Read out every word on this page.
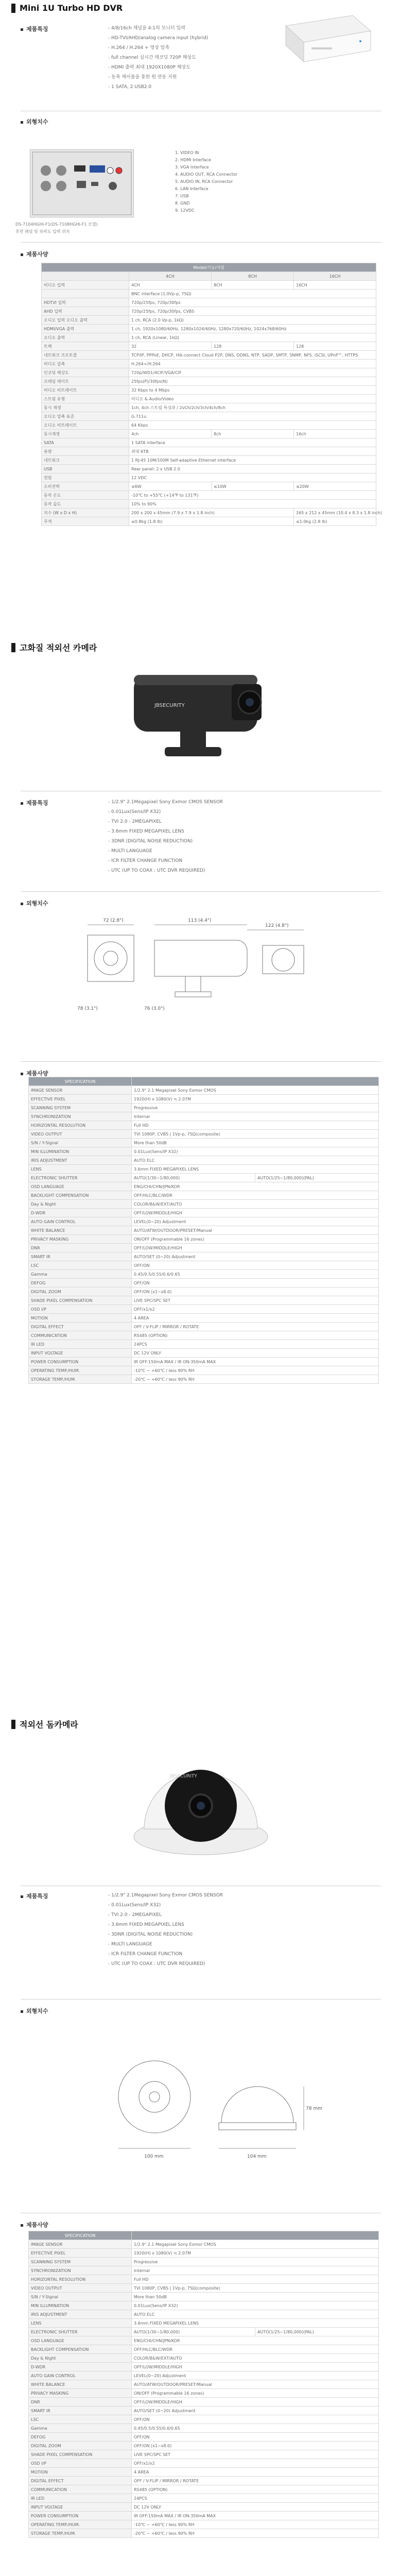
Mini 1U Turbo HD DVR
제품특징	- 4/8/16ch 채널을 4:1의 모니터 입력
- HD-TVI/AHD/analog camera input (hybrid)
- H.264 / H.264 + 영상 압축
- full channel 실시간 레코딩 720P 해상도
- HDMI 출력 최대 1920X1080P 해상도
- 동축 케이블을 통한 원 연동 지원
- 1 SATA, 2 USB2.0
외형치수
DS-7104HGHI-F1(DS-7108HGHI-F1 모델)
후면 패널 및 외곽도 입력 위치
1. VIDEO IN
2. HDMI Interface
3. VGA Interface
4. AUDIO OUT, RCA Connector
5. AUDIO IN, RCA Connector
6. LAN Interface
7. USB
8. GND
9. 12VDC
제품사양
Model/기능/사양			
	4CH	8CH	16CH
비디오 입력	4CH	8CH	16CH
	BNC interface (1.0Vp-p, 75Ω)		
HDTVI 입력	720p/25fps, 720p/30fps		
AHD 입력	720p/25fps, 720p/30fps, CVBS		
오디오 입력 오디오 출력	1 ch, RCA (2.0 Vp-p, 1kΩ)		
HDMI/VGA 출력	1 ch, 1920x1080/60Hz, 1280x1024/60Hz, 1280x720/60Hz, 1024x768/60Hz		
오디오 출력	1 ch, RCA (Linear, 1kΩ)		
트랙	32	128	128
네트워크 프로토콜	TCP/IP, PPPoE, DHCP, Hik-connect Cloud P2P, DNS, DDNS, NTP, SADP, SMTP, SNMP, NFS, iSCSI, UPnP™, HTTPS		
비디오 압축	H.264+/H.264		
인코딩 해상도	720p/WD1/4CIF/VGA/CIF		
프레임 레이트	25fps(P)/30fps(N)		
비디오 비트레이트	32 Kbps to 4 Mbps		
스트림 유형	비디오 & Audio/Video		
동시 재생	1ch, 4ch 스트림 특성과 / 2vCh/2ch/3ch/4ch/8ch		
오디오 압축 표준	G.711u		
오디오 비트레이트	64 Kbps		
동시재생	4ch	8ch	16ch
SATA	1 SATA interface		
용량	최대 6TB		
네트워크	1 RJ-45 10M/100M Self-adaptive Ethernet interface		
USB	Rear panel: 2 x USB 2.0		
전원	12 VDC		
소비전력	≤6W	≤10W	≤20W
동작 온도	-10℃ to +55℃ (+14℉ to 131℉)		
동작 습도	10% to 90%		
치수 (W x D x H)	200 x 200 x 45mm (7.9 x 7.9 x 1.8 inch)		265 x 212 x 45mm (10.4 x 8.3 x 1.8 inch)
무게	≤0.8kg (1.8 lb)		≤1.0kg (2.8 lb)
고화질 적외선 카메라
JBSECURITY
제품특징	- 1/2.9" 2.1Megapixel Sony Exmor CMOS SENSOR
- 0.01Lux(Sens/IP X32)
- TVI 2.0 - 2MEGAPIXEL
- 3.6mm FIXED MEGAPIXEL LENS
- 3DNR (DIGITAL NOISE REDUCTION)
- MULTI LANGUAGE
- ICR FILTER CHANGE FUNCTION
- UTC (UP TO COAX : UTC DVR REQUIRED)
외형치수
72 (2.8")	113 (4.4")
122 (4.8")
78 (3.1")	76 (3.0")
제품사양
SPECIFICATION		
IMAGE SENSOR	1/2.9" 2.1 Megapixel Sony Exmor CMOS	
EFFECTIVE PIXEL	1920(H) x 1080(V) ≒ 2.07M	
SCANNING SYSTEM	Progressive	
SYNCHRONIZATION	Internal	
HORIZONTAL RESOLUTION	Full HD	
VIDEO OUTPUT	TVI 1080P, CVBS | 1Vp-p, 75Ω(composite)	
S/N / Y-Signal	More than 50dB	
MIN ILLUMINATION	0.01Lux(Sens/IP X32)	
IRIS ADJUSTMENT	AUTO ELC	
LENS	3.6mm FIXED MEGAPIXEL LENS	
ELECTRONIC SHUTTER	AUTO(1/30~1/80,000)	AUTO(1/25~1/80,000)(PAL)
OSD LANGUAGE	ENG/CHI/CHN/JPN/KOR	
BACKLIGHT COMPENSATION	OFF/HLC/BLC/WDR	
Day & Night	COLOR/B&W/EXT/AUTO	
D-WDR	OFF/LOW/MIDDLE/HIGH	
AUTO GAIN CONTROL	LEVEL(0~20) Adjustment	
WHITE BALANCE	AUTO/ATW/OUTDOOR/PRESET/Manual	
PRIVACY MASKING	ON/OFF (Programmable 16 zones)	
DNR	OFF/LOW/MIDDLE/HIGH	
SMART IR	AUTO/SET (0~20) Adjustment	
LSC	OFF/ON	
Gamma	0.45/0.5/0.55/0.6/0.65	
DEFOG	OFF/ON	
DIGITAL ZOOM	OFF/ON (x1~x8.0)	
SHADE PIXEL COMPENSATION	LIVE SPC/SPC SET	
OSD I/P	OFF/x1/x2	
MOTION	4 AREA	
DIGITAL EFFECT	OFF / V-FLIP / MIRROR / ROTATE	
COMMUNICATION	RS485 (OPTION)	
IR LED	24PCS	
INPUT VOLTAGE	DC 12V ONLY	
POWER CONSUMPTION	IR OFF:150mA MAX / IR ON:350mA MAX	
OPERATING TEMP./HUM.	-10℃ ~ +60℃ / less 90% RH	
STORAGE TEMP./HUM.	-20℃ ~ +60℃ / less 90% RH	
적외선 돔카메라
JBSECURITY
제품특징	- 1/2.9" 2.1Megapixel Sony Exmor CMOS SENSOR
- 0.01Lux(Sens/IP X32)
- TVI 2.0 - 2MEGAPIXEL
- 3.6mm FIXED MEGAPIXEL LENS
- 3DNR (DIGITAL NOISE REDUCTION)
- MULTI LANGUAGE
- ICR FILTER CHANGE FUNCTION
- UTC (UP TO COAX : UTC DVR REQUIRED)
외형치수
100 mm
78 mm
104 mm
제품사양
SPECIFICATION		
IMAGE SENSOR	1/2.9" 2.1 Megapixel Sony Exmor CMOS	
EFFECTIVE PIXEL	1920(H) x 1080(V) ≒ 2.07M	
SCANNING SYSTEM	Progressive	
SYNCHRONIZATION	Internal	
HORIZONTAL RESOLUTION	Full HD	
VIDEO OUTPUT	TVI 1080P, CVBS | 1Vp-p, 75Ω(composite)	
S/N / Y-Signal	More than 50dB	
MIN ILLUMINATION	0.01Lux(Sens/IP X32)	
IRIS ADJUSTMENT	AUTO ELC	
LENS	3.6mm FIXED MEGAPIXEL LENS	
ELECTRONIC SHUTTER	AUTO(1/30~1/80,000)	AUTO(1/25~1/80,000)(PAL)
OSD LANGUAGE	ENG/CHI/CHN/JPN/KOR	
BACKLIGHT COMPENSATION	OFF/HLC/BLC/WDR	
Day & Night	COLOR/B&W/EXT/AUTO	
D-WDR	OFF/LOW/MIDDLE/HIGH	
AUTO GAIN CONTROL	LEVEL(0~20) Adjustment	
WHITE BALANCE	AUTO/ATW/OUTDOOR/PRESET/Manual	
PRIVACY MASKING	ON/OFF (Programmable 16 zones)	
DNR	OFF/LOW/MIDDLE/HIGH	
SMART IR	AUTO/SET (0~20) Adjustment	
LSC	OFF/ON	
Gamma	0.45/0.5/0.55/0.6/0.65	
DEFOG	OFF/ON	
DIGITAL ZOOM	OFF/ON (x1~x8.0)	
SHADE PIXEL COMPENSATION	LIVE SPC/SPC SET	
OSD I/P	OFF/x1/x2	
MOTION	4 AREA	
DIGITAL EFFECT	OFF / V-FLIP / MIRROR / ROTATE	
COMMUNICATION	RS485 (OPTION)	
IR LED	24PCS	
INPUT VOLTAGE	DC 12V ONLY	
POWER CONSUMPTION	IR OFF:150mA MAX / IR ON:350mA MAX	
OPERATING TEMP./HUM.	-10℃ ~ +60℃ / less 90% RH	
STORAGE TEMP./HUM.	-20℃ ~ +60℃ / less 90% RH	
